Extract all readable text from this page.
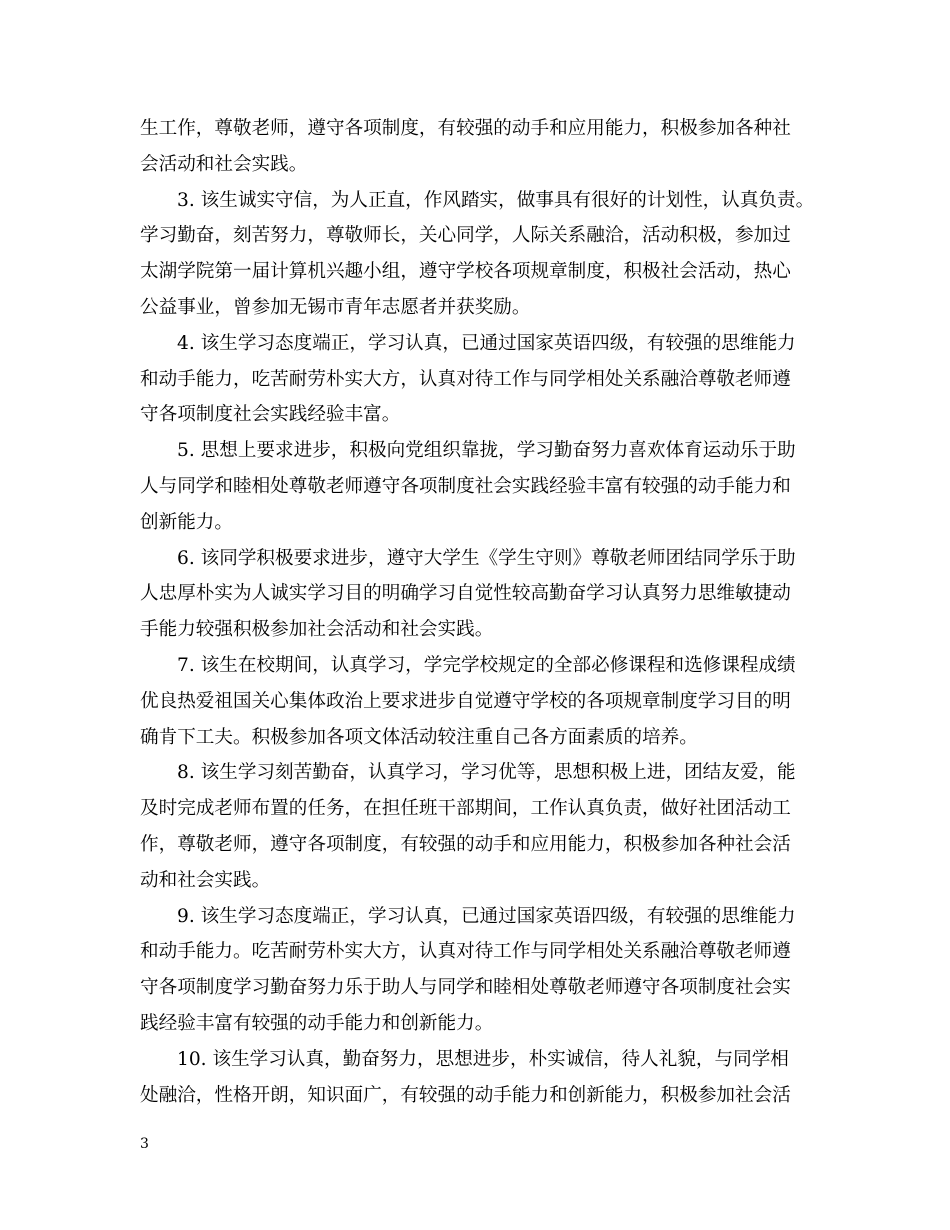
生工作，尊敬老师，遵守各项制度，有较强的动手和应用能力，积极参加各种社
会活动和社会实践。
3. 该生诚实守信，为人正直，作风踏实，做事具有很好的计划性，认真负责。
学习勤奋，刻苦努力，尊敬师长，关心同学，人际关系融洽，活动积极，参加过
太湖学院第一届计算机兴趣小组，遵守学校各项规章制度，积极社会活动，热心
公益事业，曾参加无锡市青年志愿者并获奖励。
4. 该生学习态度端正，学习认真，已通过国家英语四级，有较强的思维能力
和动手能力，吃苦耐劳朴实大方，认真对待工作与同学相处关系融洽尊敬老师遵
守各项制度社会实践经验丰富。
5. 思想上要求进步，积极向党组织靠拢，学习勤奋努力喜欢体育运动乐于助
人与同学和睦相处尊敬老师遵守各项制度社会实践经验丰富有较强的动手能力和
创新能力。
6. 该同学积极要求进步，遵守大学生《学生守则》尊敬老师团结同学乐于助
人忠厚朴实为人诚实学习目的明确学习自觉性较高勤奋学习认真努力思维敏捷动
手能力较强积极参加社会活动和社会实践。
7. 该生在校期间，认真学习，学完学校规定的全部必修课程和选修课程成绩
优良热爱祖国关心集体政治上要求进步自觉遵守学校的各项规章制度学习目的明
确肯下工夫。积极参加各项文体活动较注重自己各方面素质的培养。
8. 该生学习刻苦勤奋，认真学习，学习优等，思想积极上进，团结友爱，能
及时完成老师布置的任务，在担任班干部期间，工作认真负责，做好社团活动工
作，尊敬老师，遵守各项制度，有较强的动手和应用能力，积极参加各种社会活
动和社会实践。
9. 该生学习态度端正，学习认真，已通过国家英语四级，有较强的思维能力
和动手能力。吃苦耐劳朴实大方，认真对待工作与同学相处关系融洽尊敬老师遵
守各项制度学习勤奋努力乐于助人与同学和睦相处尊敬老师遵守各项制度社会实
践经验丰富有较强的动手能力和创新能力。
10. 该生学习认真，勤奋努力，思想进步，朴实诚信，待人礼貌，与同学相
处融洽，性格开朗，知识面广，有较强的动手能力和创新能力，积极参加社会活
3
